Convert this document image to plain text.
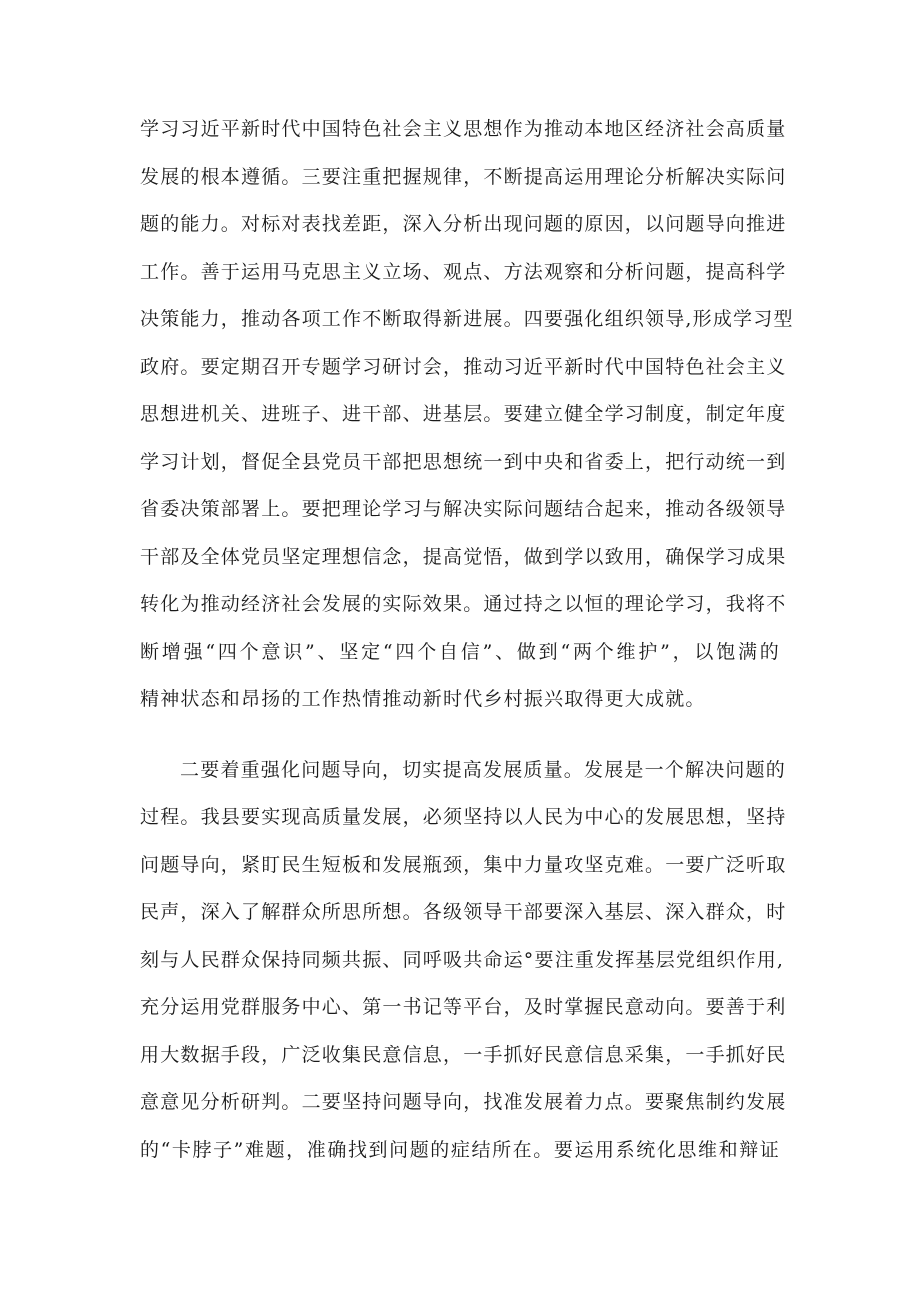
学习习近平新时代中国特色社会主义思想作为推动本地区经济社会高质量
发展的根本遵循。三要注重把握规律，不断提高运用理论分析解决实际问
题的能力。对标对表找差距，深入分析出现问题的原因，以问题导向推进
工作。善于运用马克思主义立场、观点、方法观察和分析问题，提高科学
决策能力，推动各项工作不断取得新进展。四要强化组织领导,形成学习型
政府。要定期召开专题学习研讨会，推动习近平新时代中国特色社会主义
思想进机关、进班子、进干部、进基层。要建立健全学习制度，制定年度
学习计划，督促全县党员干部把思想统一到中央和省委上，把行动统一到
省委决策部署上。要把理论学习与解决实际问题结合起来，推动各级领导
干部及全体党员坚定理想信念，提高觉悟，做到学以致用，确保学习成果
转化为推动经济社会发展的实际效果。通过持之以恒的理论学习，我将不
断增强“四个意识”、坚定“四个自信”、做到“两个维护”，以饱满的
精神状态和昂扬的工作热情推动新时代乡村振兴取得更大成就。
二要着重强化问题导向，切实提高发展质量。发展是一个解决问题的
过程。我县要实现高质量发展，必须坚持以人民为中心的发展思想，坚持
问题导向，紧盯民生短板和发展瓶颈，集中力量攻坚克难。一要广泛听取
民声，深入了解群众所思所想。各级领导干部要深入基层、深入群众，时
刻与人民群众保持同频共振、同呼吸共命运°要注重发挥基层党组织作用,
充分运用党群服务中心、第一书记等平台，及时掌握民意动向。要善于利
用大数据手段，广泛收集民意信息，一手抓好民意信息采集，一手抓好民
意意见分析研判。二要坚持问题导向，找准发展着力点。要聚焦制约发展
的“卡脖子”难题，准确找到问题的症结所在。要运用系统化思维和辩证
